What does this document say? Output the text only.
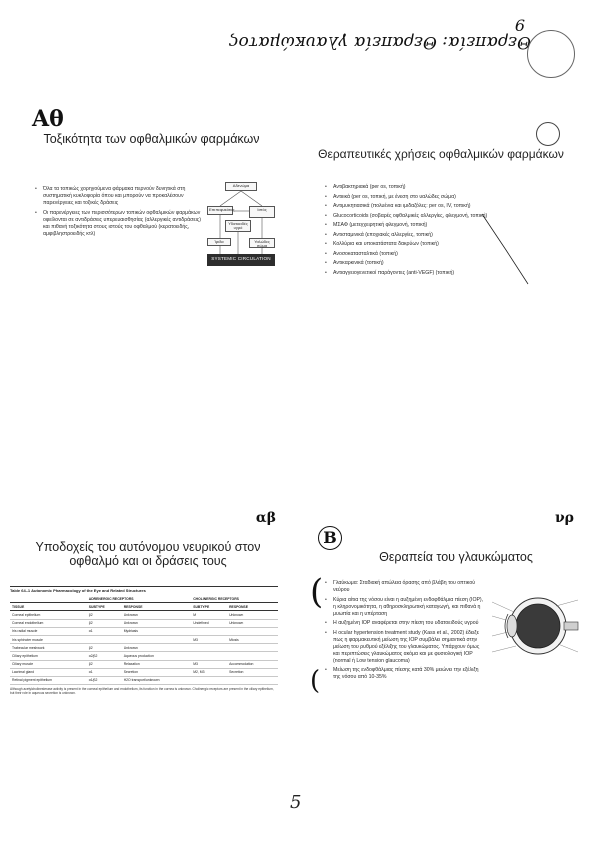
6
Θεραπεία: Θεραπεία γλαυκώματος
Αθ
Τοξικότητα των οφθαλμικών φαρμάκων
• Όλα τα τοπικώς χορηγούμενα φάρμακα περνούν δυνητικά στη συστηματική κυκλοφορία όπου και μπορούν να προκαλέσουν παρενέργειες και τοξικές δράσεις
• Οι παρενέργειες των περισσότερων τοπικών οφθαλμικών φαρμάκων οφείλονται σε αντιδράσεις υπερευαισθησίας (αλλεργικές αντιδράσεις) και πιθανή τοξικότητα στους ιστούς του οφθαλμού (κερατοειδής, αμφιβληστροειδής κτλ)
Αδενώμα
Επιπεφυκότας	Ιστός
Υδατοειδές υγρό
Ίριδα	Υαλώδες σώμα
SYSTEMIC CIRCULATION
Θεραπευτικές χρήσεις οφθαλμικών φαρμάκων
• Αντιβακτηριακά (per os, τοπική)
• Αντιιικά (per os, τοπική, με ένεση στο υαλώδες σώμα)
• Αντιμυκητιασικά (πολυένια και ιμιδαζόλες: per os, IV, τοπική)
• Glucocorticoids (σοβαρές οφθαλμικές αλλεργίες, φλεγμονή, τοπική)
• ΜΣΑΦ (μετεγχειρητική φλεγμονή, τοπική)
• Αντισταμινικά (εποχιακές αλλεργίες, τοπική)
• Κολλύρια και υποκατάστατα δακρύων (τοπική)
• Ανοσοκατασταλτικά (τοπική)
• Αντικαρκινικά (τοπική)
• Αντιαγγειογενετικοί παράγοντες (anti-VEGF) (τοπική)
αβ
Υποδοχείς του αυτόνομου νευρικού στον οφθαλμό και οι δράσεις τους
Table 64–1 Autonomic Pharmacology of the Eye and Related Structures
	ADRENERGIC RECEPTORS		CHOLINERGIC RECEPTORS	
TISSUE	SUBTYPE	RESPONSE	SUBTYPE	RESPONSE
Corneal epithelium	β2	Unknown	M	Unknown
Corneal endothelium	β2	Unknown	Undefined	Unknown
Iris radial muscle	α1	Mydriasis		
Iris sphincter muscle			M3	Miosis
Trabecular meshwork	β2	Unknown		
Ciliary epithelium	α2/β2	Aqueous production		
Ciliary muscle	β2	Relaxation	M3	Accommodation
Lacrimal gland	α1	Secretion	M2, M3	Secretion
Retinal pigment epithelium	α1/β2	H2O transport/unknown		
Although acetylcholinesterase activity is present in the corneal epithelium and endothelium, its function in the cornea is unknown. Cholinergic receptors are present in the ciliary epithelium, but their role in aqueous secretion is unknown.
Β
νρ
Θεραπεία του γλαυκώματος
(
(
• Γλαύκωμα: Σταδιακή απώλεια όρασης από βλάβη του οπτικού νεύρου
• Κύρια αίτια της νόσου είναι η αυξημένη ενδοφθάλμια πίεση (IOP), η κληρονομικότητα, η αθηροσκληρωτική καταγωγή, και πιθανά η μυωπία και η υπέρταση
• Η αυξημένη IOP αναφέρεται στην πίεση του υδατοειδούς υγρού
• Η ocular hypertension treatment study (Kass et al., 2002) έδειξε πως η φαρμακευτική μείωση της IOP συμβάλει σημαντικά στην μείωση του ρυθμού εξέλιξης του γλαυκώματος. Υπάρχουν όμως και περιπτώσεις γλαυκώματος ακόμα και με φυσιολογική IOP (normal ή Low tension glaucoma)
• Μείωση της ενδοφθάλμιας πίεσης κατά 30% μειώνει την εξέλιξη της νόσου από 10-35%
5
